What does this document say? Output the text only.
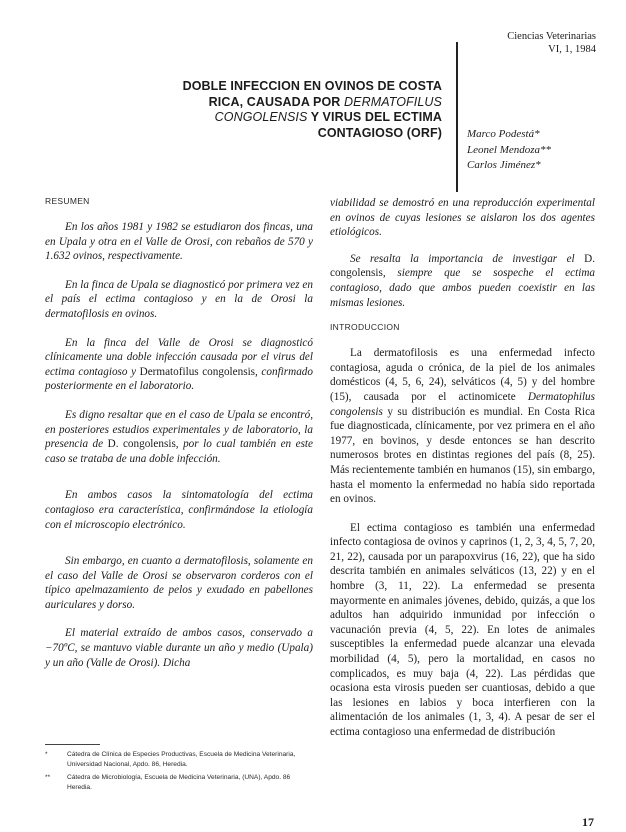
Ciencias Veterinarias
VI, 1, 1984
DOBLE INFECCION EN OVINOS DE COSTA
RICA, CAUSADA POR DERMATOFILUS
CONGOLENSIS Y VIRUS DEL ECTIMA
CONTAGIOSO (ORF) Marco Podestá*
Leonel Mendoza**
Carlos Jiménez*
RESUMEN

En los años 1981 y 1982 se estudiaron dos fincas, una en Upala y otra en el Valle de Orosi, con rebaños de 570 y 1.632 ovinos, respectivamente.

En la finca de Upala se diagnosticó por primera vez en el país el ectima contagioso y en la de Orosi la dermatofilosis en ovinos.

En la finca del Valle de Orosi se diagnosticó clínicamente una doble infección causada por el virus del ectima contagioso y Dermatofilus congolensis, confirmado posteriormente en el laboratorio.

Es digno resaltar que en el caso de Upala se encontró, en posteriores estudios experimentales y de laboratorio, la presencia de D. congolensis, por lo cual también en este caso se trataba de una doble infección.

En ambos casos la sintomatología del ectima contagioso era característica, confirmándose la etiología con el microscopio electrónico.

Sin embargo, en cuanto a dermatofilosis, solamente en el caso del Valle de Orosi se observaron corderos con el típico apelmazamiento de pelos y exudado en pabellones auriculares y dorso.

El material extraído de ambos casos, conservado a −70ºC, se mantuvo viable durante un año y medio (Upala) y un año (Valle de Orosi). Dicha

viabilidad se demostró en una reproducción experimental en ovinos de cuyas lesiones se aislaron los dos agentes etiológicos.

Se resalta la importancia de investigar el D. congolensis, siempre que se sospeche el ectima contagioso, dado que ambos pueden coexistir en las mismas lesiones.

INTRODUCCION

La dermatofilosis es una enfermedad infecto contagiosa, aguda o crónica, de la piel de los animales domésticos (4, 5, 6, 24), selváticos (4, 5) y del hombre (15), causada por el actinomicete Dermatophilus congolensis y su distribución es mundial. En Costa Rica fue diagnosticada, clínicamente, por vez primera en el año 1977, en bovinos, y desde entonces se han descrito numerosos brotes en distintas regiones del país (8, 25). Más recientemente también en humanos (15), sin embargo, hasta el momento la enfermedad no había sido reportada en ovinos.

El ectima contagioso es también una enfermedad infecto contagiosa de ovinos y caprinos (1, 2, 3, 4, 5, 7, 20, 21, 22), causada por un parapoxvirus (16, 22), que ha sido descrita también en animales selváticos (13, 22) y en el hombre (3, 11, 22). La enfermedad se presenta mayormente en animales jóvenes, debido, quizás, a que los adultos han adquirido inmunidad por infección o vacunación previa (4, 5, 22). En lotes de animales susceptibles la enfermedad puede alcanzar una elevada morbilidad (4, 5), pero la mortalidad, en casos no complicados, es muy baja (4, 22). Las pérdidas que ocasiona esta virosis pueden ser cuantiosas, debido a que las lesiones en labios y boca interfieren con la alimentación de los animales (1, 3, 4). A pesar de ser el ectima contagioso una enfermedad de distribución

*	Cátedra de Clínica de Especies Productivas, Escuela de Medicina Veterinaria, Universidad Nacional, Apdo. 86, Heredia.
**	Cátedra de Microbiología, Escuela de Medicina Veterinaria, (UNA), Apdo. 86 Heredia.
17
